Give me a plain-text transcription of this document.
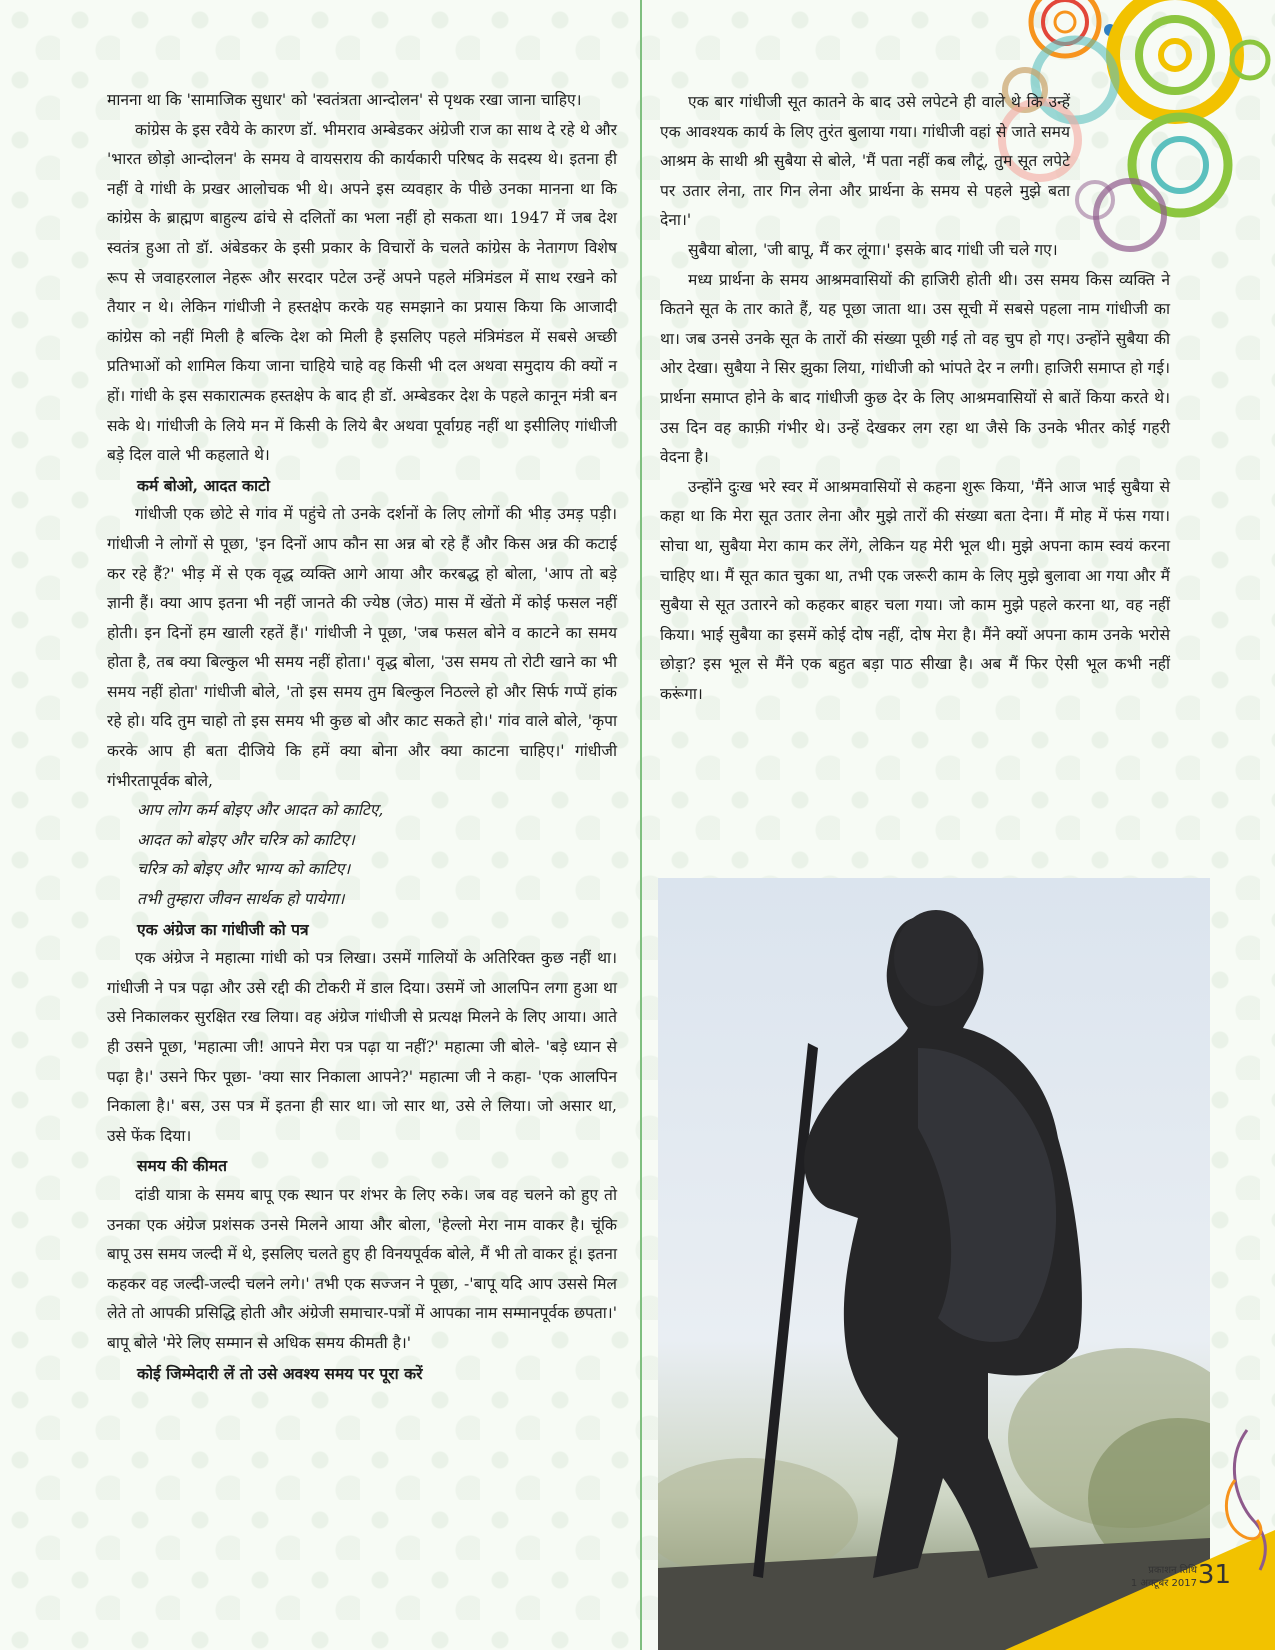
मानना था कि 'सामाजिक सुधार' को 'स्वतंत्रता आन्दोलन' से पृथक रखा जाना चाहिए।

कांग्रेस के इस रवैये के कारण डॉ. भीमराव अम्बेडकर अंग्रेजी राज का साथ दे रहे थे और 'भारत छोड़ो आन्दोलन' के समय वे वायसराय की कार्यकारी परिषद के सदस्य थे। इतना ही नहीं वे गांधी के प्रखर आलोचक भी थे। अपने इस व्यवहार के पीछे उनका मानना था कि कांग्रेस के ब्राह्मण बाहुल्य ढांचे से दलितों का भला नहीं हो सकता था। 1947 में जब देश स्वतंत्र हुआ तो डॉ. अंबेडकर के इसी प्रकार के विचारों के चलते कांग्रेस के नेतागण विशेष रूप से जवाहरलाल नेहरू और सरदार पटेल उन्हें अपने पहले मंत्रिमंडल में साथ रखने को तैयार न थे। लेकिन गांधीजी ने हस्तक्षेप करके यह समझाने का प्रयास किया कि आजादी कांग्रेस को नहीं मिली है बल्कि देश को मिली है इसलिए पहले मंत्रिमंडल में सबसे अच्छी प्रतिभाओं को शामिल किया जाना चाहिये चाहे वह किसी भी दल अथवा समुदाय की क्यों न हों। गांधी के इस सकारात्मक हस्तक्षेप के बाद ही डॉ. अम्बेडकर देश के पहले कानून मंत्री बन सके थे। गांधीजी के लिये मन में किसी के लिये बैर अथवा पूर्वाग्रह नहीं था इसीलिए गांधीजी बड़े दिल वाले भी कहलाते थे।

कर्म बोओ, आदत काटो

गांधीजी एक छोटे से गांव में पहुंचे तो उनके दर्शनों के लिए लोगों की भीड़ उमड़ पड़ी। गांधीजी ने लोगों से पूछा, 'इन दिनों आप कौन सा अन्न बो रहे हैं और किस अन्न की कटाई कर रहे हैं?' भीड़ में से एक वृद्ध व्यक्ति आगे आया और करबद्ध हो बोला, 'आप तो बड़े ज्ञानी हैं। क्या आप इतना भी नहीं जानते की ज्येष्ठ (जेठ) मास में खेंतो में कोई फसल नहीं होती। इन दिनों हम खाली रहतें हैं।' गांधीजी ने पूछा, 'जब फसल बोने व काटने का समय होता है, तब क्या बिल्कुल भी समय नहीं होता।' वृद्ध बोला, 'उस समय तो रोटी खाने का भी समय नहीं होता' गांधीजी बोले, 'तो इस समय तुम बिल्कुल निठल्ले हो और सिर्फ गप्पें हांक रहे हो। यदि तुम चाहो तो इस समय भी कुछ बो और काट सकते हो।' गांव वाले बोले, 'कृपा करके आप ही बता दीजिये कि हमें क्या बोना और क्या काटना चाहिए।' गांधीजी गंभीरतापूर्वक बोले,

आप लोग कर्म बोइए और आदत को काटिए,
आदत को बोइए और चरित्र को काटिए।
चरित्र को बोइए और भाग्य को काटिए।
तभी तुम्हारा जीवन सार्थक हो पायेगा।
एक अंग्रेज का गांधीजी को पत्र

एक अंग्रेज ने महात्मा गांधी को पत्र लिखा। उसमें गालियों के अतिरिक्त कुछ नहीं था। गांधीजी ने पत्र पढ़ा और उसे रद्दी की टोकरी में डाल दिया। उसमें जो आलपिन लगा हुआ था उसे निकालकर सुरक्षित रख लिया। वह अंग्रेज गांधीजी से प्रत्यक्ष मिलने के लिए आया। आते ही उसने पूछा, 'महात्मा जी! आपने मेरा पत्र पढ़ा या नहीं?' महात्मा जी बोले- 'बड़े ध्यान से पढ़ा है।' उसने फिर पूछा- 'क्या सार निकाला आपने?' महात्मा जी ने कहा- 'एक आलपिन निकाला है।' बस, उस पत्र में इतना ही सार था। जो सार था, उसे ले लिया। जो असार था, उसे फेंक दिया।

समय की कीमत

दांडी यात्रा के समय बापू एक स्थान पर शंभर के लिए रुके। जब वह चलने को हुए तो उनका एक अंग्रेज प्रशंसक उनसे मिलने आया और बोला, 'हेल्लो मेरा नाम वाकर है। चूंकि बापू उस समय जल्दी में थे, इसलिए चलते हुए ही विनयपूर्वक बोले, मैं भी तो वाकर हूं। इतना कहकर वह जल्दी-जल्दी चलने लगे।' तभी एक सज्जन ने पूछा, -'बापू यदि आप उससे मिल लेते तो आपकी प्रसिद्धि होती और अंग्रेजी समाचार-पत्रों में आपका नाम सम्मानपूर्वक छपता।' बापू बोले 'मेरे लिए सम्मान से अधिक समय कीमती है।'

कोई जिम्मेदारी लें तो उसे अवश्य समय पर पूरा करें

एक बार गांधीजी सूत कातने के बाद उसे लपेटने ही वाले थे कि उन्हें एक आवश्यक कार्य के लिए तुरंत बुलाया गया। गांधीजी वहां से जाते समय आश्रम के साथी श्री सुबैया से बोले, 'मैं पता नहीं कब लौटूं, तुम सूत लपेटे पर उतार लेना, तार गिन लेना और प्रार्थना के समय से पहले मुझे बता देना।'

सुबैया बोला, 'जी बापू, मैं कर लूंगा।' इसके बाद गांधी जी चले गए।

मध्य प्रार्थना के समय आश्रमवासियों की हाजिरी होती थी। उस समय किस व्यक्ति ने कितने सूत के तार काते हैं, यह पूछा जाता था। उस सूची में सबसे पहला नाम गांधीजी का था। जब उनसे उनके सूत के तारों की संख्या पूछी गई तो वह चुप हो गए। उन्होंने सुबैया की ओर देखा। सुबैया ने सिर झुका लिया, गांधीजी को भांपते देर न लगी। हाजिरी समाप्त हो गई। प्रार्थना समाप्त होने के बाद गांधीजी कुछ देर के लिए आश्रमवासियों से बातें किया करते थे। उस दिन वह काफ़ी गंभीर थे। उन्हें देखकर लग रहा था जैसे कि उनके भीतर कोई गहरी वेदना है।

उन्होंने दुःख भरे स्वर में आश्रमवासियों से कहना शुरू किया, 'मैंने आज भाई सुबैया से कहा था कि मेरा सूत उतार लेना और मुझे तारों की संख्या बता देना। मैं मोह में फंस गया। सोचा था, सुबैया मेरा काम कर लेंगे, लेकिन यह मेरी भूल थी। मुझे अपना काम स्वयं करना चाहिए था। मैं सूत कात चुका था, तभी एक जरूरी काम के लिए मुझे बुलावा आ गया और मैं सुबैया से सूत उतारने को कहकर बाहर चला गया। जो काम मुझे पहले करना था, वह नहीं किया। भाई सुबैया का इसमें कोई दोष नहीं, दोष मेरा है। मैंने क्यों अपना काम उनके भरोसे छोड़ा? इस भूल से मैंने एक बहुत बड़ा पाठ सीखा है। अब मैं फिर ऐसी भूल कभी नहीं करूंगा।

प्रकाशन तिथि
1 अक्टूबर 2017 31
